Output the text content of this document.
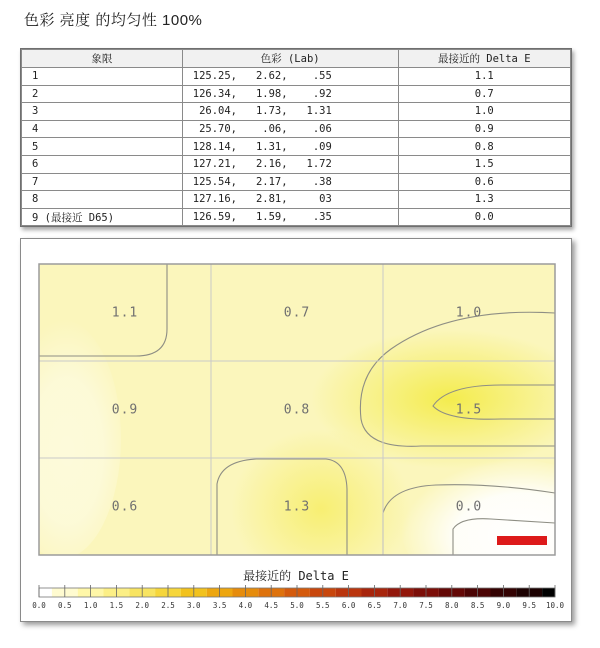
色彩 亮度 的均匀性 100%
象限	色彩 (Lab)	最接近的 Delta E
1	125.25,   2.62,    .55	1.1
2	126.34,   1.98,    .92	0.7
3	26.04,   1.73,   1.31	1.0
4	25.70,    .06,    .06	0.9
5	128.14,   1.31,    .09	0.8
6	127.21,   2.16,   1.72	1.5
7	125.54,   2.17,    .38	0.6
8	127.16,   2.81,     03	1.3
9 (最接近 D65)	126.59,   1.59,    .35	0.0
1.1	0.7	1.0
0.9	0.8	1.5
0.6	1.3	0.0
最接近的 Delta E
0.0 0.5 1.0 1.5 2.0 2.5 3.0 3.5 4.0 4.5 5.0 5.5 6.0 6.5 7.0 7.5 8.0 8.5 9.0 9.5 10.0
